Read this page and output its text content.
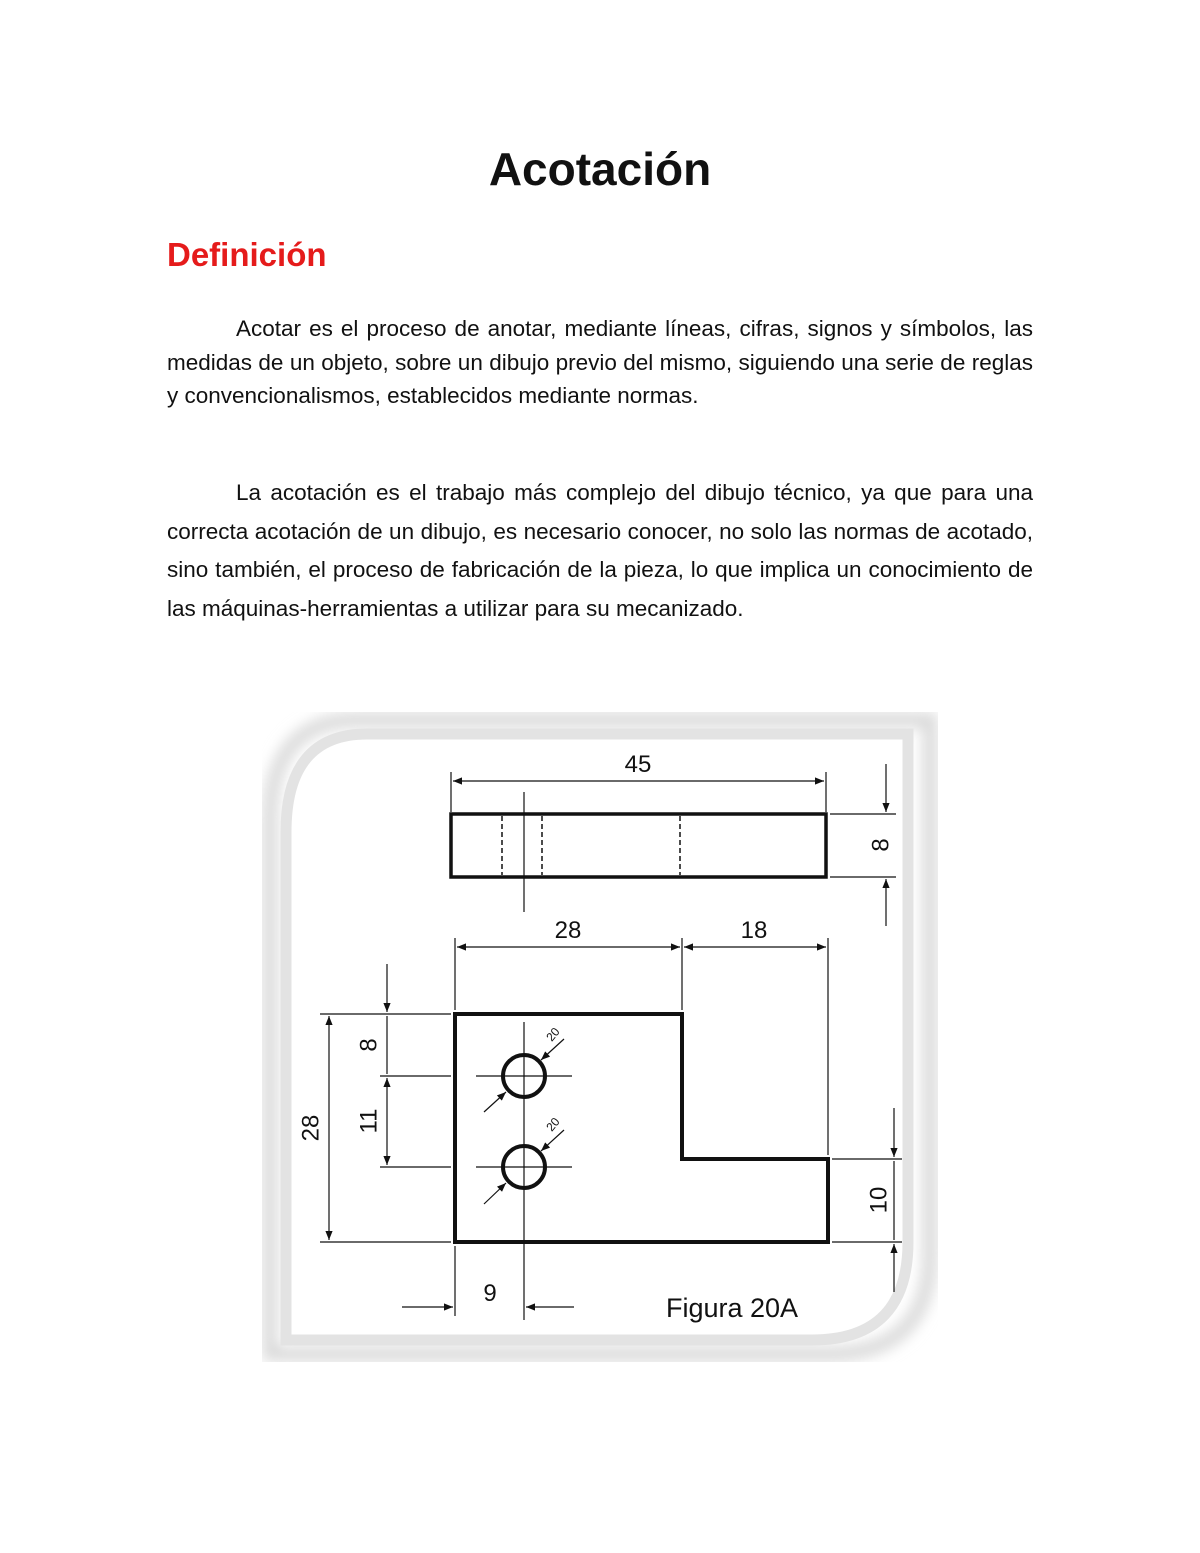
Acotación
Definición

Acotar es el proceso de anotar, mediante líneas, cifras, signos y símbolos, las medidas de un objeto, sobre un dibujo previo del mismo, siguiendo una serie de reglas y convencionalismos, establecidos mediante normas.

La acotación es el trabajo más complejo del dibujo técnico, ya que para una correcta acotación de un dibujo, es necesario conocer, no solo las normas de acotado, sino también, el proceso de fabricación de la pieza, lo que implica un conocimiento de las máquinas-herramientas a utilizar para su mecanizado.

45
8
28	18
28
8
11
10
9
20
20
Figura 20A
